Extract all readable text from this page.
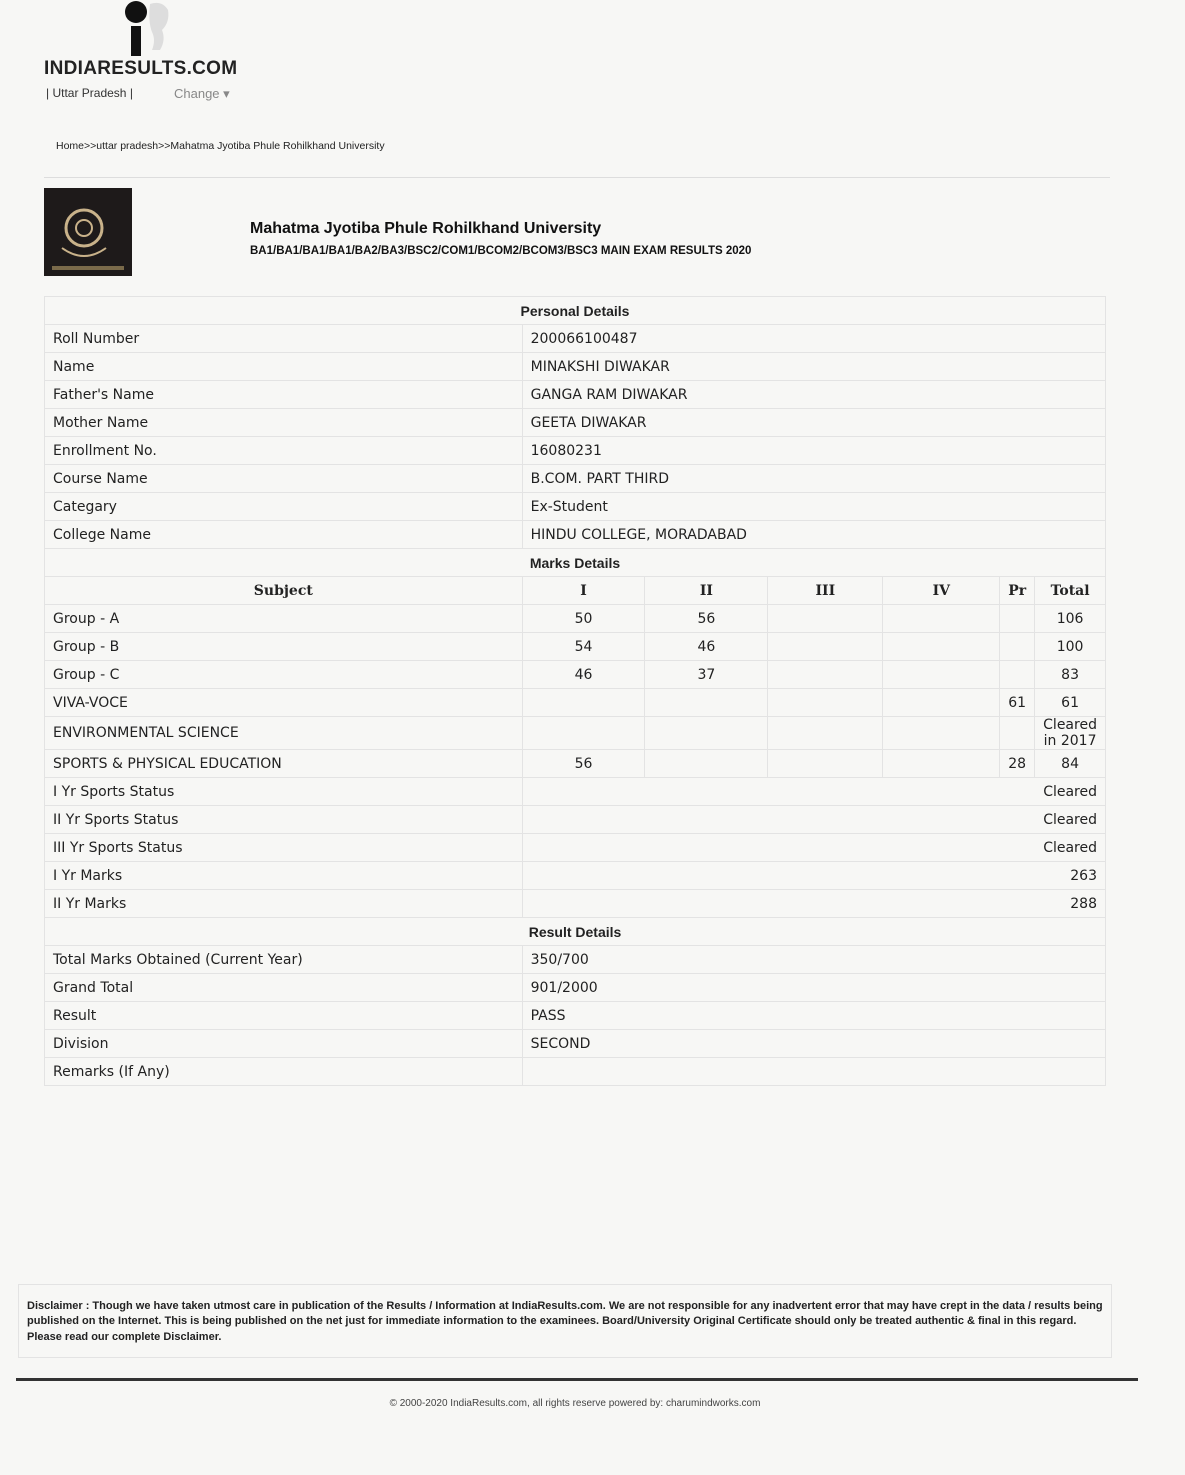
INDIARESULTS.COM
| Uttar Pradesh |	Change ▾
Home>>uttar pradesh>>Mahatma Jyotiba Phule Rohilkhand University
Mahatma Jyotiba Phule Rohilkhand University
BA1/BA1/BA1/BA1/BA2/BA3/BSC2/COM1/BCOM2/BCOM3/BSC3 MAIN EXAM RESULTS 2020
Personal Details						
Roll Number	200066100487					
Name	MINAKSHI DIWAKAR					
Father's Name	GANGA RAM DIWAKAR					
Mother Name	GEETA DIWAKAR					
Enrollment No.	16080231					
Course Name	B.COM. PART THIRD					
Categary	Ex-Student					
College Name	HINDU COLLEGE, MORADABAD					
Marks Details						
Subject	I	II	III	IV	Pr	Total
Group - A	50	56				106
Group - B	54	46				100
Group - C	46	37				83
VIVA-VOCE					61	61
ENVIRONMENTAL SCIENCE						Cleared in 2017
SPORTS & PHYSICAL EDUCATION	56				28	84
I Yr Sports Status	Cleared					
II Yr Sports Status	Cleared					
III Yr Sports Status	Cleared					
I Yr Marks	263					
II Yr Marks	288					
Result Details						
Total Marks Obtained (Current Year)	350/700					
Grand Total	901/2000					
Result	PASS					
Division	SECOND					
Remarks (If Any)						
Disclaimer : Though we have taken utmost care in publication of the Results / Information at IndiaResults.com. We are not responsible for any inadvertent error that may have crept in the data / results being published on the Internet. This is being published on the net just for immediate information to the examinees. Board/University Original Certificate should only be treated authentic & final in this regard. Please read our complete Disclaimer.
© 2000-2020 IndiaResults.com, all rights reserve powered by: charumindworks.com
